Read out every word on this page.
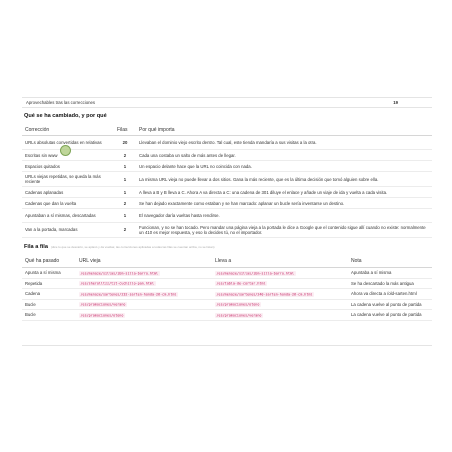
Aprovechables tras las correcciones	19
Qué se ha cambiado, y por qué
Corrección	Filas	Por qué importa
URLs absolutas convertidas en relativas	20	Llevaban el dominio viejo escrito dentro. Tal cual, este tienda mandaría a sus visitas a la otra.
Escritas sin www	2	Cada una costaba un salto de más antes de llegar.
Espacios quitados	1	Un espacio delante hace que la URL no coincida con nada.
URLs viejas repetidas, se queda la más reciente	1	La misma URL vieja no puede llevar a dos sitios. Gana la más reciente, que es la última decisión que tomó alguien sobre ella.
Cadenas aplanadas	1	A lleva a B y B lleva a C. Ahora A va directa a C: una cadena de 301 diluye el enlace y añade un viaje de ida y vuelta a cada visita.
Cadenas que dan la vuelta	2	Se han dejado exactamente como estaban y se han marcado: aplanar un bucle sería inventarse un destino.
Apuntaban a sí mismas, descartadas	1	El navegador daría vueltas hasta rendirse.
Van a la portada, marcadas	2	Funcionan, y no se han tocado. Pero mandar una página vieja a la portada le dice a Google que el contenido sigue allí cuando no existe: normalmente un 410 es mejor respuesta, y eso lo decides tú, no el importador.
Fila a fila (dice lo que se descartó, se aplanó y da vueltas; las correcciones aplicadas a todas las filas se cuentan arriba, no se listan)
Qué ha pasado	URL vieja	Lleva a	Nota
Apunta a sí misma	/es/menaje/sillas/ibm-silla-barro.html	/es/menaje/sillas/ibm-silla-barro.html	Apuntaba a sí misma
Repetida	/es/sherolltzz/tit-cuchillo-pan.html	/es/tabla-de-cortar.html	Se ha descartado la más antigua
Cadena	/es/menaje/sartenes/232-sarten-honda-26-cm.html	/es/menaje/sartenes/240-sarten-honda-26-cm.html	Ahora va directa a /old-sarten.html
Bucle	/es/promociones/verano	/es/promociones/otono	La cadena vuelve al punto de partida
Bucle	/es/promociones/otono	/es/promociones/verano	La cadena vuelve al punto de partida
